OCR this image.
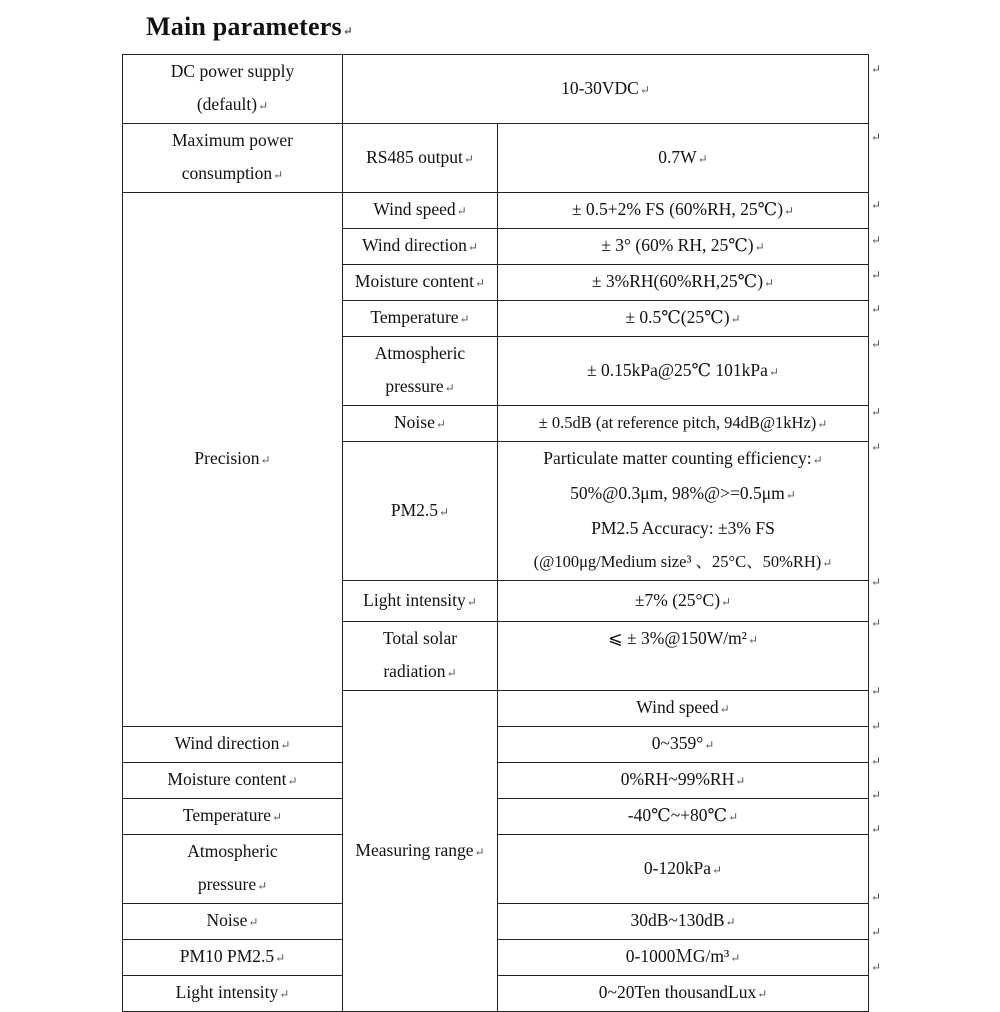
Main parameters↵
DC power supply
(default)↵	10-30VDC↵		
Maximum power
consumption↵	RS485 output↵	0.7W↵	
Precision↵	Wind speed↵	± 0.5+2% FS (60%RH, 25℃)↵	
	Wind direction↵	± 3° (60% RH, 25℃)↵	
	Moisture content↵	± 3%RH(60%RH,25℃)↵	
	Temperature↵	± 0.5℃(25℃)↵	
	Atmospheric
pressure↵	± 0.15kPa@25℃ 101kPa↵	
	Noise↵	± 0.5dB (at reference pitch, 94dB@1kHz)↵	
	PM2.5↵	Particulate matter counting efficiency:↵
50%@0.3μm, 98%@>=0.5μm↵
PM2.5 Accuracy: ±3% FS
(@100μg/Medium size³ 、25°C、50%RH)↵	
	Light intensity↵	±7% (25°C)↵	
	Total solar
radiation↵	⩽ ± 3%@150W/m²↵	
	Measuring range↵	Wind speed↵	
Wind direction↵		0~359°↵	
Moisture content↵		0%RH~99%RH↵	
Temperature↵		-40℃~+80℃↵	
Atmospheric
pressure↵		0-120kPa↵	
Noise↵		30dB~130dB↵	
PM10 PM2.5↵		0-1000ＭG/m³↵	
Light intensity↵		0~20Ten thousandLux↵	
↵
↵
↵
↵
↵
↵
↵
↵
↵
↵
↵
↵
↵
↵
↵
↵
↵
↵
↵
